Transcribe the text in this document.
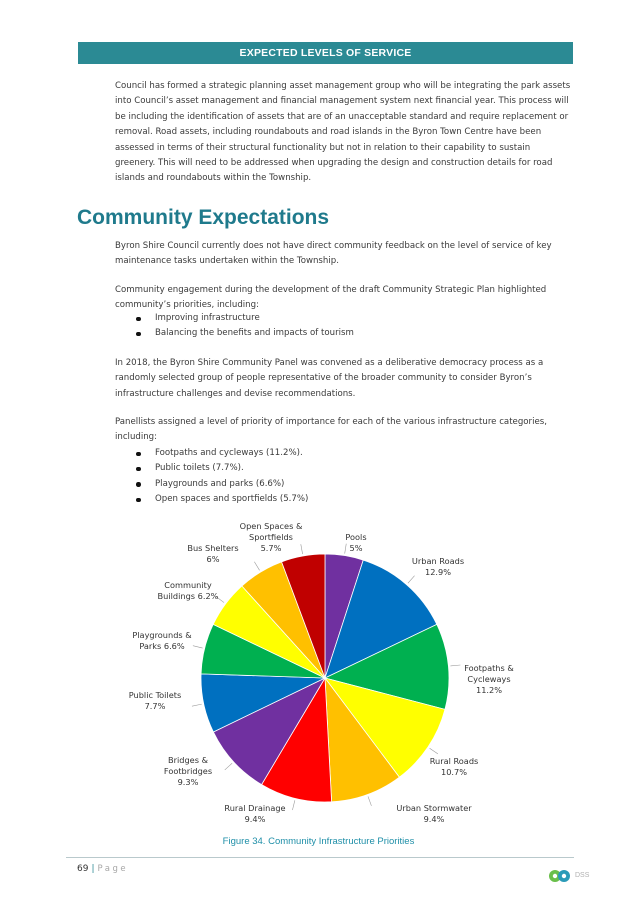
EXPECTED LEVELS OF SERVICE

Council has formed a strategic planning asset management group who will be integrating the park assets into Council’s asset management and financial management system next financial year. This process will be including the identification of assets that are of an unacceptable standard and require replacement or removal. Road assets, including roundabouts and road islands in the Byron Town Centre have been assessed in terms of their structural functionality but not in relation to their capability to sustain greenery. This will need to be addressed when upgrading the design and construction details for road islands and roundabouts within the Township.

Community Expectations

Byron Shire Council currently does not have direct community feedback on the level of service of key maintenance tasks undertaken within the Township.

Community engagement during the development of the draft Community Strategic Plan highlighted community’s priorities, including:

Improving infrastructure
Balancing the benefits and impacts of tourism

In 2018, the Byron Shire Community Panel was convened as a deliberative democracy process as a randomly selected group of people representative of the broader community to consider Byron’s infrastructure challenges and devise recommendations.

Panellists assigned a level of priority of importance for each of the various infrastructure categories, including:

Footpaths and cycleways (11.2%).
Public toilets (7.7%).
Playgrounds and parks (6.6%)
Open spaces and sportfields (5.7%)
Pools 5%
Urban Roads 12.9%
Footpaths & Cycleways 11.2%
Rural Roads 10.7%
Urban Stormwater 9.4%
Rural Drainage 9.4%
Bridges & Footbridges 9.3%
Public Toilets 7.7%
Playgrounds & Parks 6.6%
Community Buildings 6.2%
Bus Shelters 6%
Open Spaces & Sportfields 5.7%
Figure 34. Community Infrastructure Priorities
69 | Page
DSS
